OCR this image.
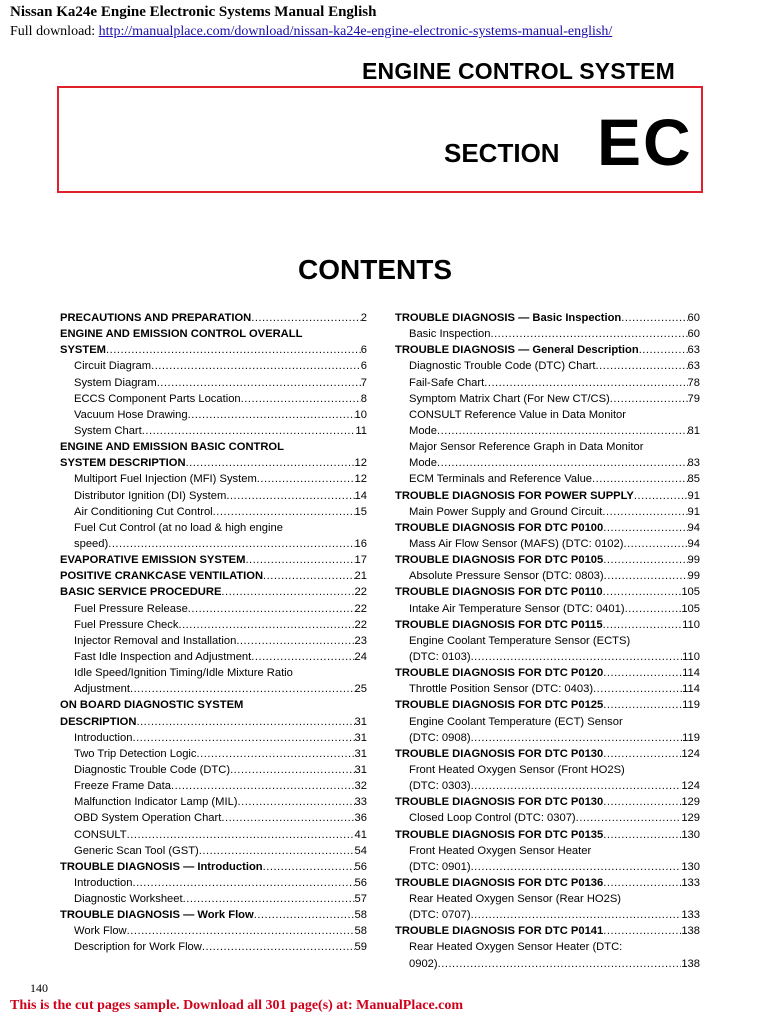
Nissan Ka24e Engine Electronic Systems Manual English
Full download: http://manualplace.com/download/nissan-ka24e-engine-electronic-systems-manual-english/
ENGINE CONTROL SYSTEM
SECTION EC
CONTENTS
PRECAUTIONS AND PREPARATION .....	2
ENGINE AND EMISSION CONTROL OVERALL
SYSTEM .....	6
Circuit Diagram .....	6
System Diagram .....	7
ECCS Component Parts Location .....	8
Vacuum Hose Drawing .....	10
System Chart .....	11
ENGINE AND EMISSION BASIC CONTROL
SYSTEM DESCRIPTION .....	12
Multiport Fuel Injection (MFI) System .....	12
Distributor Ignition (DI) System .....	14
Air Conditioning Cut Control .....	15
Fuel Cut Control (at no load & high engine
speed) .....	16
EVAPORATIVE EMISSION SYSTEM .....	17
POSITIVE CRANKCASE VENTILATION .....	21
BASIC SERVICE PROCEDURE .....	22
Fuel Pressure Release .....	22
Fuel Pressure Check .....	22
Injector Removal and Installation .....	23
Fast Idle Inspection and Adjustment .....	24
Idle Speed/Ignition Timing/Idle Mixture Ratio
Adjustment .....	25
ON BOARD DIAGNOSTIC SYSTEM
DESCRIPTION .....	31
Introduction .....	31
Two Trip Detection Logic .....	31
Diagnostic Trouble Code (DTC) .....	31
Freeze Frame Data .....	32
Malfunction Indicator Lamp (MIL) .....	33
OBD System Operation Chart .....	36
CONSULT .....	41
Generic Scan Tool (GST) .....	54
TROUBLE DIAGNOSIS — Introduction .....	56
Introduction .....	56
Diagnostic Worksheet .....	57
TROUBLE DIAGNOSIS — Work Flow .....	58
Work Flow .....	58
Description for Work Flow .....	59
TROUBLE DIAGNOSIS — Basic Inspection .....	60
Basic Inspection .....	60
TROUBLE DIAGNOSIS — General Description .....	63
Diagnostic Trouble Code (DTC) Chart .....	63
Fail-Safe Chart .....	78
Symptom Matrix Chart (For New CT/CS) .....	79
CONSULT Reference Value in Data Monitor
Mode .....	81
Major Sensor Reference Graph in Data Monitor
Mode .....	83
ECM Terminals and Reference Value .....	85
TROUBLE DIAGNOSIS FOR POWER SUPPLY .....	91
Main Power Supply and Ground Circuit .....	91
TROUBLE DIAGNOSIS FOR DTC P0100 .....	94
Mass Air Flow Sensor (MAFS) (DTC: 0102) .....	94
TROUBLE DIAGNOSIS FOR DTC P0105 .....	99
Absolute Pressure Sensor (DTC: 0803) .....	99
TROUBLE DIAGNOSIS FOR DTC P0110 .....	105
Intake Air Temperature Sensor (DTC: 0401) .....	105
TROUBLE DIAGNOSIS FOR DTC P0115 .....	110
Engine Coolant Temperature Sensor (ECTS)
(DTC: 0103) .....	110
TROUBLE DIAGNOSIS FOR DTC P0120 .....	114
Throttle Position Sensor (DTC: 0403) .....	114
TROUBLE DIAGNOSIS FOR DTC P0125 .....	119
Engine Coolant Temperature (ECT) Sensor
(DTC: 0908) .....	119
TROUBLE DIAGNOSIS FOR DTC P0130 .....	124
Front Heated Oxygen Sensor (Front HO2S)
(DTC: 0303) .....	124
TROUBLE DIAGNOSIS FOR DTC P0130 .....	129
Closed Loop Control (DTC: 0307) .....	129
TROUBLE DIAGNOSIS FOR DTC P0135 .....	130
Front Heated Oxygen Sensor Heater
(DTC: 0901) .....	130
TROUBLE DIAGNOSIS FOR DTC P0136 .....	133
Rear Heated Oxygen Sensor (Rear HO2S)
(DTC: 0707) .....	133
TROUBLE DIAGNOSIS FOR DTC P0141 .....	138
Rear Heated Oxygen Sensor Heater (DTC:
0902) .....	138
140
This is the cut pages sample. Download all 301 page(s) at: ManualPlace.com
